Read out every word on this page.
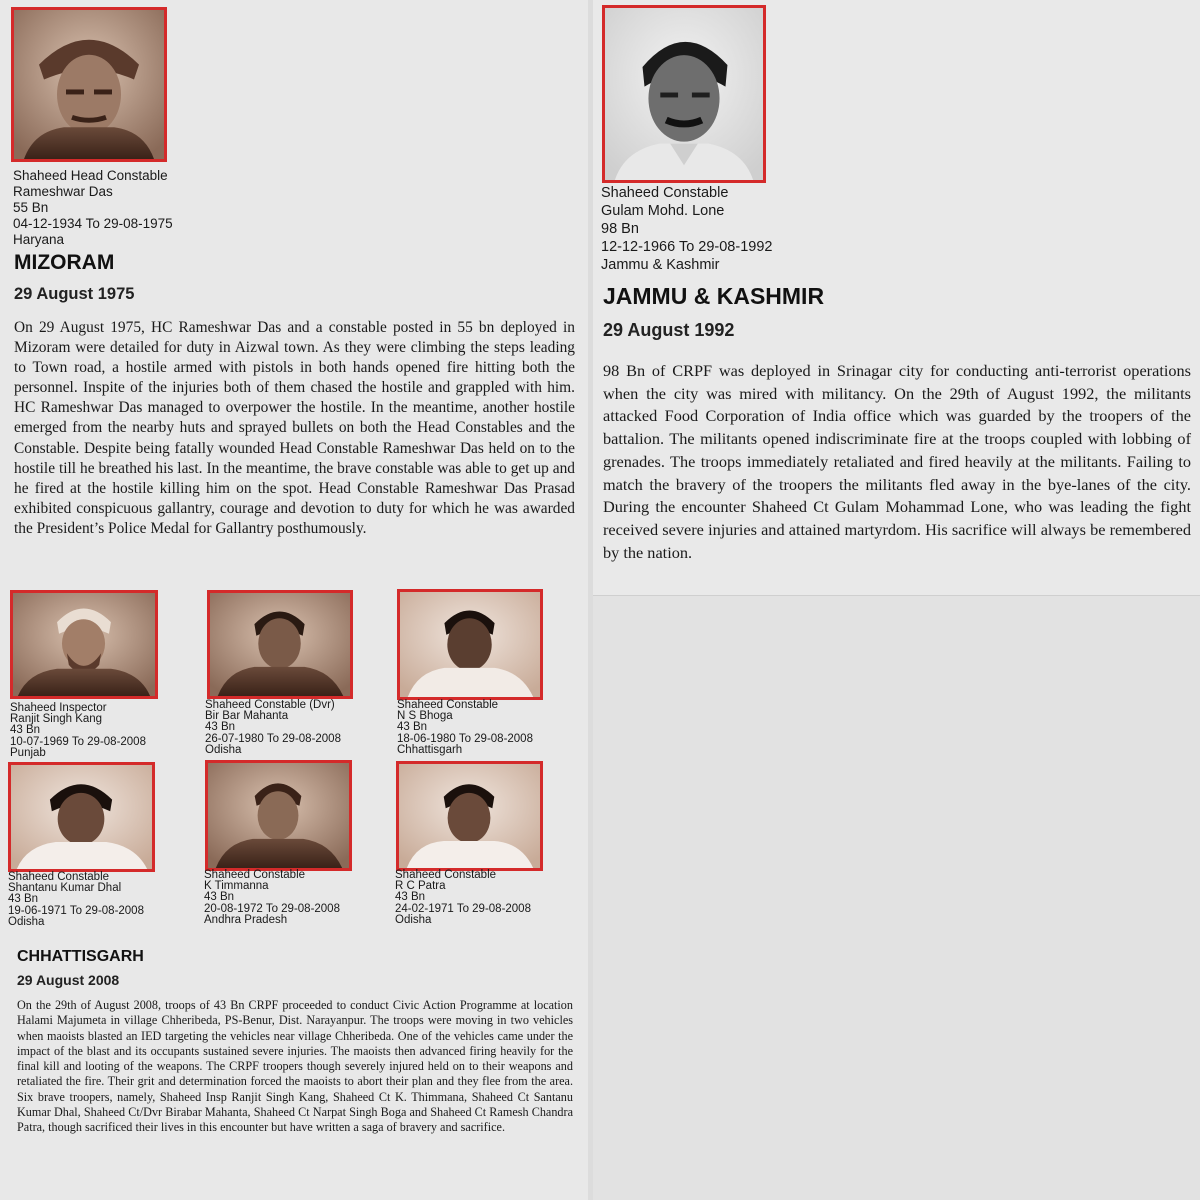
Shaheed Head Constable
Rameshwar Das
55 Bn
04-12-1934 To 29-08-1975
Haryana
MIZORAM
29 August 1975
On 29 August 1975, HC Rameshwar Das and a constable posted in 55 bn deployed in Mizoram were detailed for duty in Aizwal town. As they were climbing the steps leading to Town road, a hostile armed with pistols in both hands opened fire hitting both the personnel. Inspite of the injuries both of them chased the hostile and grappled with him. HC Rameshwar Das managed to overpower the hostile. In the meantime, another hostile emerged from the nearby huts and sprayed bullets on both the Head Constables and the Constable. Despite being fatally wounded Head Constable Rameshwar Das held on to the hostile till he breathed his last. In the meantime, the brave constable was able to get up and he fired at the hostile killing him on the spot. Head Constable Rameshwar Das Prasad exhibited conspicuous gallantry, courage and devotion to duty for which he was awarded the President’s Police Medal for Gallantry posthumously.
Shaheed Constable
Gulam Mohd. Lone
98 Bn
12-12-1966 To 29-08-1992
Jammu & Kashmir
JAMMU & KASHMIR
29 August 1992
98 Bn of CRPF was deployed in Srinagar city for conducting anti-terrorist operations when the city was mired with militancy. On the 29th of August 1992, the militants attacked Food Corporation of India office which was guarded by the troopers of the battalion. The militants opened indiscriminate fire at the troops coupled with lobbing of grenades. The troops immediately retaliated and fired heavily at the militants. Failing to match the bravery of the troopers the militants fled away in the bye-lanes of the city. During the encounter Shaheed Ct Gulam Mohammad Lone, who was leading the fight received severe injuries and attained martyrdom. His sacrifice will always be remembered by the nation.
Shaheed Inspector
Ranjit Singh Kang
43 Bn
10-07-1969 To 29-08-2008
Punjab
Shaheed Constable (Dvr)
Bir Bar Mahanta
43 Bn
26-07-1980 To 29-08-2008
Odisha
Shaheed Constable
N S Bhoga
43 Bn
18-06-1980 To 29-08-2008
Chhattisgarh
Shaheed Constable
Shantanu Kumar Dhal
43 Bn
19-06-1971 To 29-08-2008
Odisha
Shaheed Constable
K Timmanna
43 Bn
20-08-1972 To 29-08-2008
Andhra Pradesh
Shaheed Constable
R C Patra
43 Bn
24-02-1971 To 29-08-2008
Odisha
CHHATTISGARH
29 August 2008
On the 29th of August 2008, troops of 43 Bn CRPF proceeded to conduct Civic Action Programme at location Halami Majumeta in village Chheribeda, PS-Benur, Dist. Narayanpur. The troops were moving in two vehicles when maoists blasted an IED targeting the vehicles near village Chheribeda. One of the vehicles came under the impact of the blast and its occupants sustained severe injuries. The maoists then advanced firing heavily for the final kill and looting of the weapons. The CRPF troopers though severely injured held on to their weapons and retaliated the fire. Their grit and determination forced the maoists to abort their plan and they flee from the area. Six brave troopers, namely, Shaheed Insp Ranjit Singh Kang, Shaheed Ct K. Thimmana, Shaheed Ct Santanu Kumar Dhal, Shaheed Ct/Dvr Birabar Mahanta, Shaheed Ct Narpat Singh Boga and Shaheed Ct Ramesh Chandra Patra, though sacrificed their lives in this encounter but have written a saga of bravery and sacrifice.
